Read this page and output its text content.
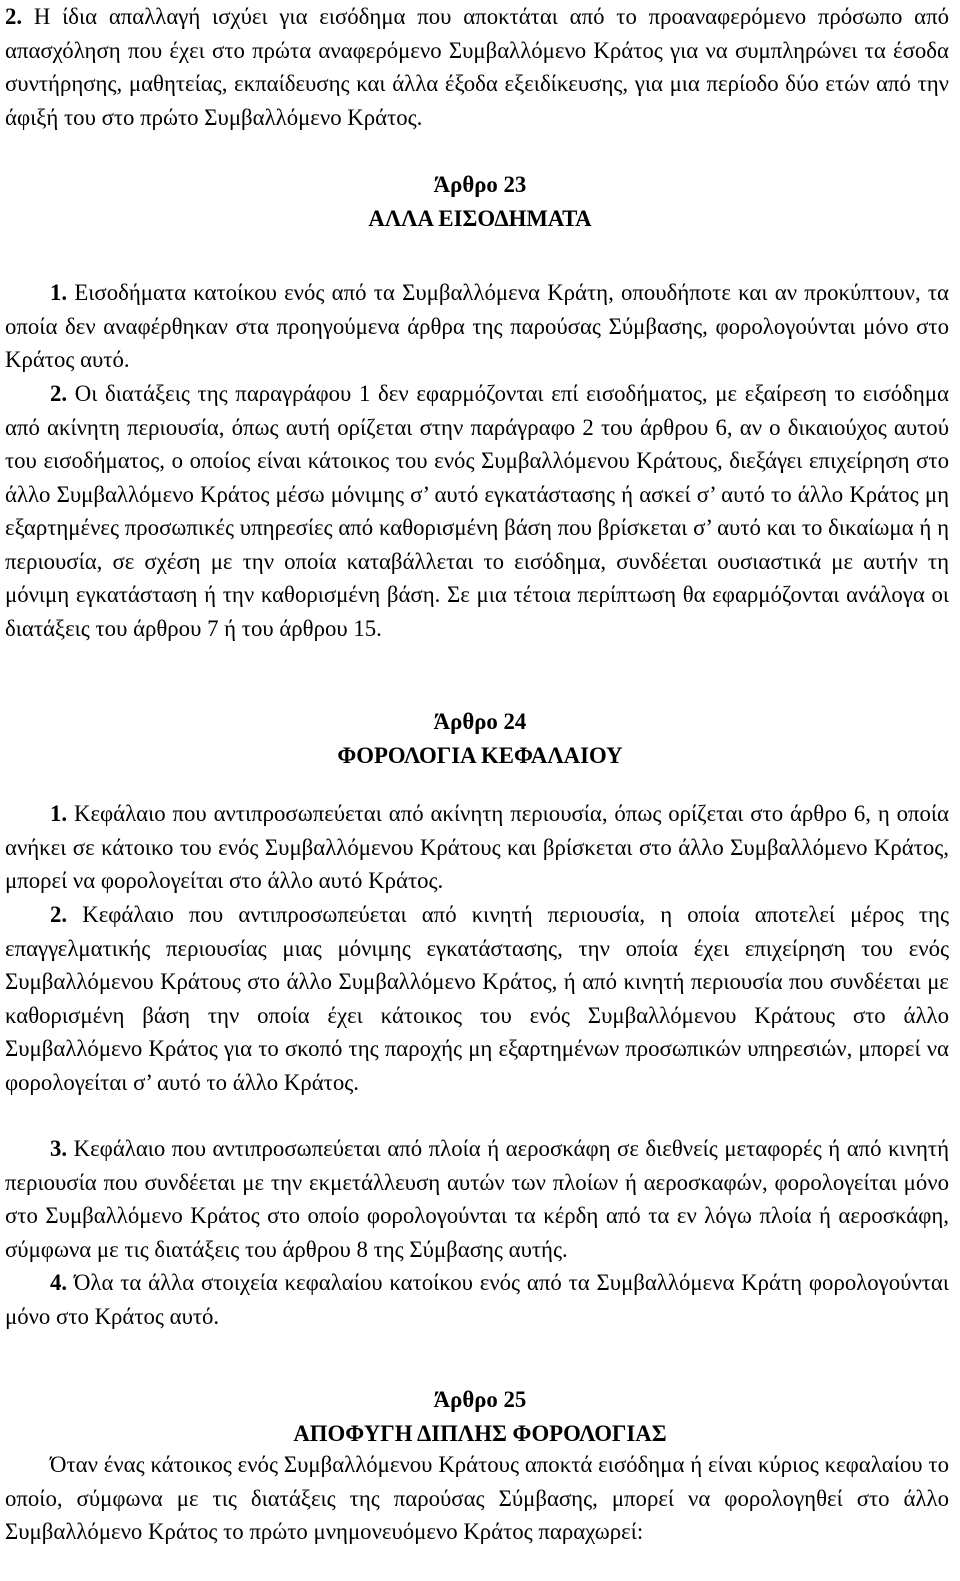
2. Η ίδια απαλλαγή ισχύει για εισόδημα που αποκτάται από το προαναφερόμενο πρόσωπο από απασχόληση που έχει στο πρώτα αναφερόμενο Συμβαλλόμενο Κράτος για να συμπληρώνει τα έσοδα συντήρησης, μαθητείας, εκπαίδευσης και άλλα έξοδα εξειδίκευσης, για μια περίοδο δύο ετών από την άφιξή του στο πρώτο Συμβαλλόμενο Κράτος.
Άρθρο 23
ΑΛΛΑ ΕΙΣΟΔΗΜΑΤΑ
1. Εισοδήματα κατοίκου ενός από τα Συμβαλλόμενα Κράτη, οπουδήποτε και αν προκύπτουν, τα οποία δεν αναφέρθηκαν στα προηγούμενα άρθρα της παρούσας Σύμβασης, φορολογούνται μόνο στο Κράτος αυτό.
2. Οι διατάξεις της παραγράφου 1 δεν εφαρμόζονται επί εισοδήματος, με εξαίρεση το εισόδημα από ακίνητη περιουσία, όπως αυτή ορίζεται στην παράγραφο 2 του άρθρου 6, αν ο δικαιούχος αυτού του εισοδήματος, ο οποίος είναι κάτοικος του ενός Συμβαλλόμενου Κράτους, διεξάγει επιχείρηση στο άλλο Συμβαλλόμενο Κράτος μέσω μόνιμης σ’ αυτό εγκατάστασης ή ασκεί σ’ αυτό το άλλο Κράτος μη εξαρτημένες προσωπικές υπηρεσίες από καθορισμένη βάση που βρίσκεται σ’ αυτό και το δικαίωμα ή η περιουσία, σε σχέση με την οποία καταβάλλεται το εισόδημα, συνδέεται ουσιαστικά με αυτήν τη μόνιμη εγκατάσταση ή την καθορισμένη βάση. Σε μια τέτοια περίπτωση θα εφαρμόζονται ανάλογα οι διατάξεις του άρθρου 7 ή του άρθρου 15.
Άρθρο 24
ΦΟΡΟΛΟΓΙΑ ΚΕΦΑΛΑΙΟΥ
1. Κεφάλαιο που αντιπροσωπεύεται από ακίνητη περιουσία, όπως ορίζεται στο άρθρο 6, η οποία ανήκει σε κάτοικο του ενός Συμβαλλόμενου Κράτους και βρίσκεται στο άλλο Συμβαλλόμενο Κράτος, μπορεί να φορολογείται στο άλλο αυτό Κράτος.
2. Κεφάλαιο που αντιπροσωπεύεται από κινητή περιουσία, η οποία αποτελεί μέρος της επαγγελματικής περιουσίας μιας μόνιμης εγκατάστασης, την οποία έχει επιχείρηση του ενός Συμβαλλόμενου Κράτους στο άλλο Συμβαλλόμενο Κράτος, ή από κινητή περιουσία που συνδέεται με καθορισμένη βάση την οποία έχει κάτοικος του ενός Συμβαλλόμενου Κράτους στο άλλο Συμβαλλόμενο Κράτος για το σκοπό της παροχής μη εξαρτημένων προσωπικών υπηρεσιών, μπορεί να φορολογείται σ’ αυτό το άλλο Κράτος.
3. Κεφάλαιο που αντιπροσωπεύεται από πλοία ή αεροσκάφη σε διεθνείς μεταφορές ή από κινητή περιουσία που συνδέεται με την εκμετάλλευση αυτών των πλοίων ή αεροσκαφών, φορολογείται μόνο στο Συμβαλλόμενο Κράτος στο οποίο φορολογούνται τα κέρδη από τα εν λόγω πλοία ή αεροσκάφη, σύμφωνα με τις διατάξεις του άρθρου 8 της Σύμβασης αυτής.
4. Όλα τα άλλα στοιχεία κεφαλαίου κατοίκου ενός από τα Συμβαλλόμενα Κράτη φορολογούνται μόνο στο Κράτος αυτό.
Άρθρο 25
ΑΠΟΦΥΓΗ ΔΙΠΛΗΣ ΦΟΡΟΛΟΓΙΑΣ
Όταν ένας κάτοικος ενός Συμβαλλόμενου Κράτους αποκτά εισόδημα ή είναι κύριος κεφαλαίου το οποίο, σύμφωνα με τις διατάξεις της παρούσας Σύμβασης, μπορεί να φορολογηθεί στο άλλο Συμβαλλόμενο Κράτος το πρώτο μνημονευόμενο Κράτος παραχωρεί:
